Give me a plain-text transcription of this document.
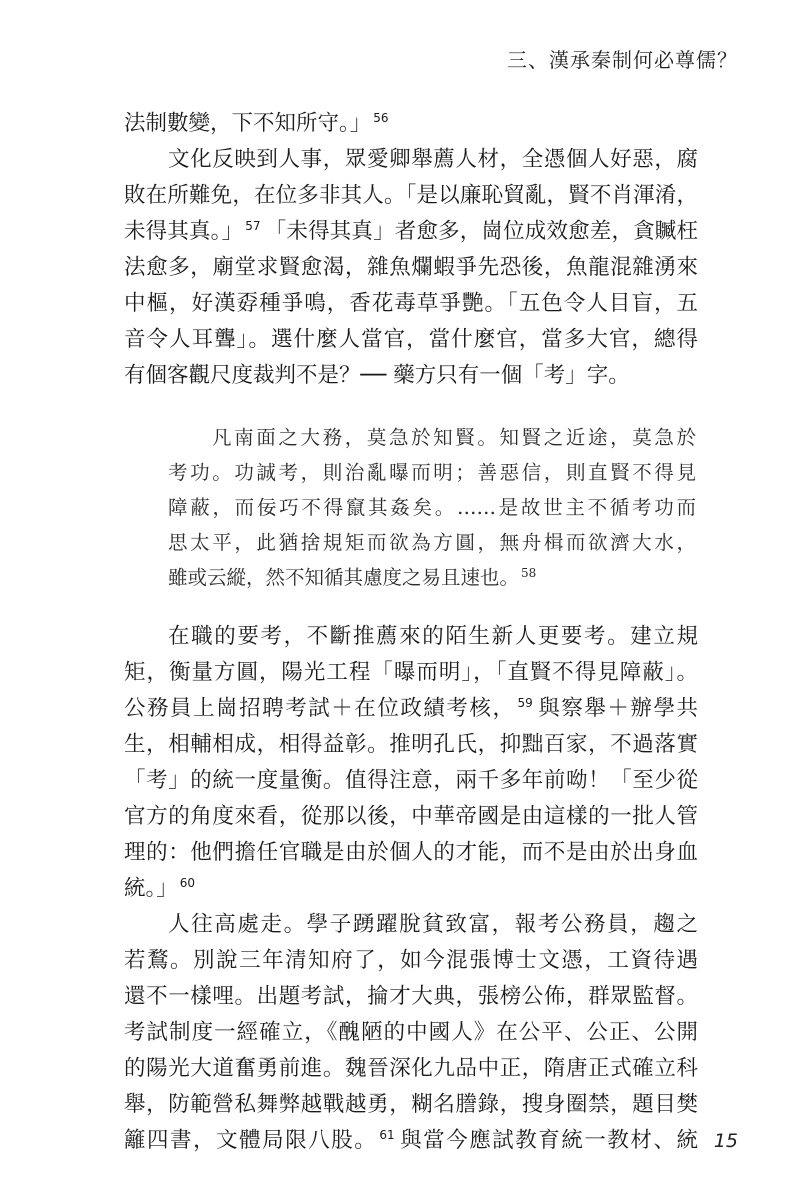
三、漢承秦制何必尊儒？
法制數變，下不知所守。」 $^{56}$
文化反映到人事，眾愛卿舉薦人材，全憑個人好惡，腐
敗在所難免，在位多非其人。「是以廉恥貿亂，賢不肖渾淆，
未得其真。」 $^{57}$ 「未得其真」者愈多，崗位成效愈差，貪贓枉
法愈多，廟堂求賢愈渴，雜魚爛蝦爭先恐後，魚龍混雜湧來
中樞，好漢孬種爭鳴，香花毒草爭艷。「五色令人目盲，五
音令人耳聾」。選什麼人當官，當什麼官，當多大官，總得
有個客觀尺度裁判不是？── 藥方只有一個「考」字。
凡南面之大務，莫急於知賢。知賢之近途，莫急於
考功。功誠考，則治亂曝而明；善惡信，則直賢不得見
障蔽，而佞巧不得竄其姦矣。……是故世主不循考功而
思太平，此猶捨規矩而欲為方圓，無舟楫而欲濟大水，
雖或云縱，然不知循其慮度之易且速也。 $^{58}$
在職的要考，不斷推薦來的陌生新人更要考。建立規
矩，衡量方圓，陽光工程「曝而明」，「直賢不得見障蔽」。
公務員上崗招聘考試＋在位政績考核， $^{59}$ 與察舉＋辦學共
生，相輔相成，相得益彰。推明孔氏，抑黜百家，不過落實
「考」的統一度量衡。值得注意，兩千多年前呦！「至少從
官方的角度來看，從那以後，中華帝國是由這樣的一批人管
理的：他們擔任官職是由於個人的才能，而不是由於出身血
統。」 $^{60}$
人往高處走。學子踴躍脫貧致富，報考公務員，趨之
若鶩。別說三年清知府了，如今混張博士文憑，工資待遇
還不一樣哩。出題考試，掄才大典，張榜公佈，群眾監督。
考試制度一經確立，《醜陋的中國人》在公平、公正、公開
的陽光大道奮勇前進。魏晉深化九品中正，隋唐正式確立科
舉，防範營私舞弊越戰越勇，糊名謄錄，搜身圈禁，題目樊
籬四書，文體局限八股。 $^{61}$ 與當今應試教育統一教材、統 15
